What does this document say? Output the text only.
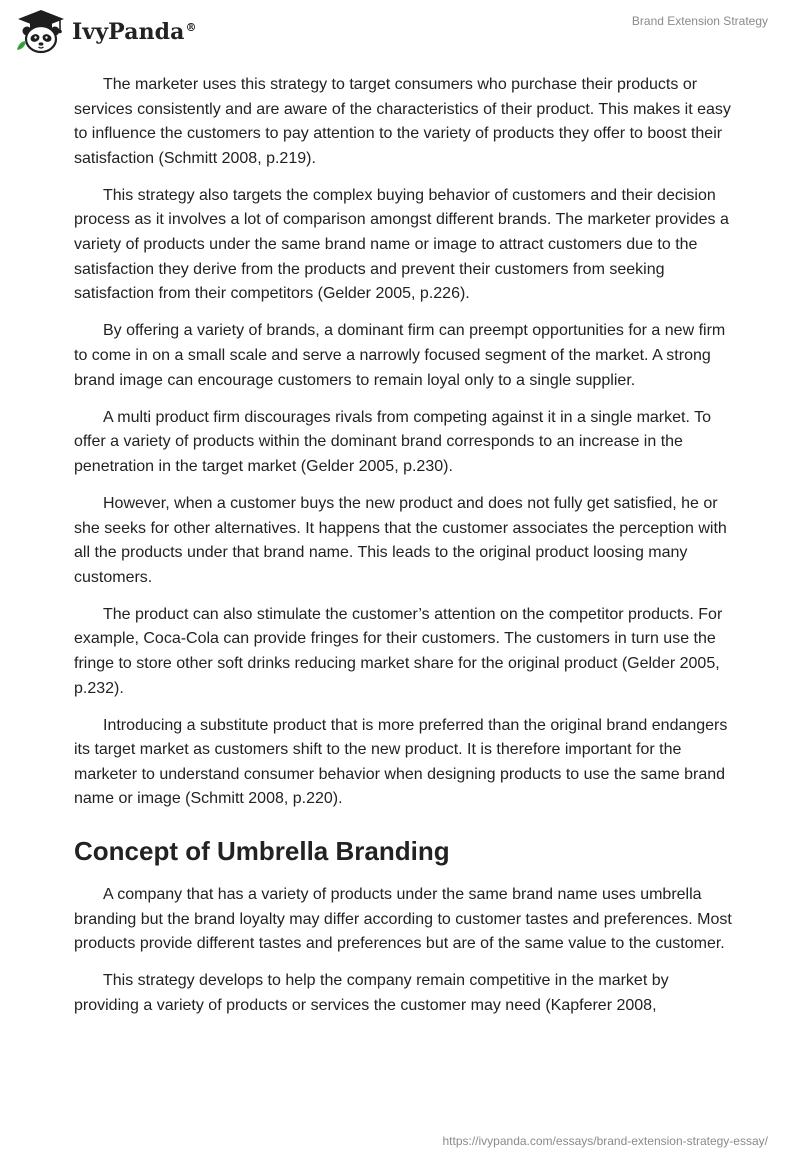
IvyPanda®	Brand Extension Strategy

The marketer uses this strategy to target consumers who purchase their products or services consistently and are aware of the characteristics of their product. This makes it easy to influence the customers to pay attention to the variety of products they offer to boost their satisfaction (Schmitt 2008, p.219).

This strategy also targets the complex buying behavior of customers and their decision process as it involves a lot of comparison amongst different brands. The marketer provides a variety of products under the same brand name or image to attract customers due to the satisfaction they derive from the products and prevent their customers from seeking satisfaction from their competitors (Gelder 2005, p.226).

By offering a variety of brands, a dominant firm can preempt opportunities for a new firm to come in on a small scale and serve a narrowly focused segment of the market. A strong brand image can encourage customers to remain loyal only to a single supplier.

A multi product firm discourages rivals from competing against it in a single market. To offer a variety of products within the dominant brand corresponds to an increase in the penetration in the target market (Gelder 2005, p.230).

However, when a customer buys the new product and does not fully get satisfied, he or she seeks for other alternatives. It happens that the customer associates the perception with all the products under that brand name. This leads to the original product loosing many customers.

The product can also stimulate the customer’s attention on the competitor products. For example, Coca-Cola can provide fringes for their customers. The customers in turn use the fringe to store other soft drinks reducing market share for the original product (Gelder 2005, p.232).

Introducing a substitute product that is more preferred than the original brand endangers its target market as customers shift to the new product. It is therefore important for the marketer to understand consumer behavior when designing products to use the same brand name or image (Schmitt 2008, p.220).

Concept of Umbrella Branding

A company that has a variety of products under the same brand name uses umbrella branding but the brand loyalty may differ according to customer tastes and preferences. Most products provide different tastes and preferences but are of the same value to the customer.

This strategy develops to help the company remain competitive in the market by providing a variety of products or services the customer may need (Kapferer 2008,

https://ivypanda.com/essays/brand-extension-strategy-essay/
